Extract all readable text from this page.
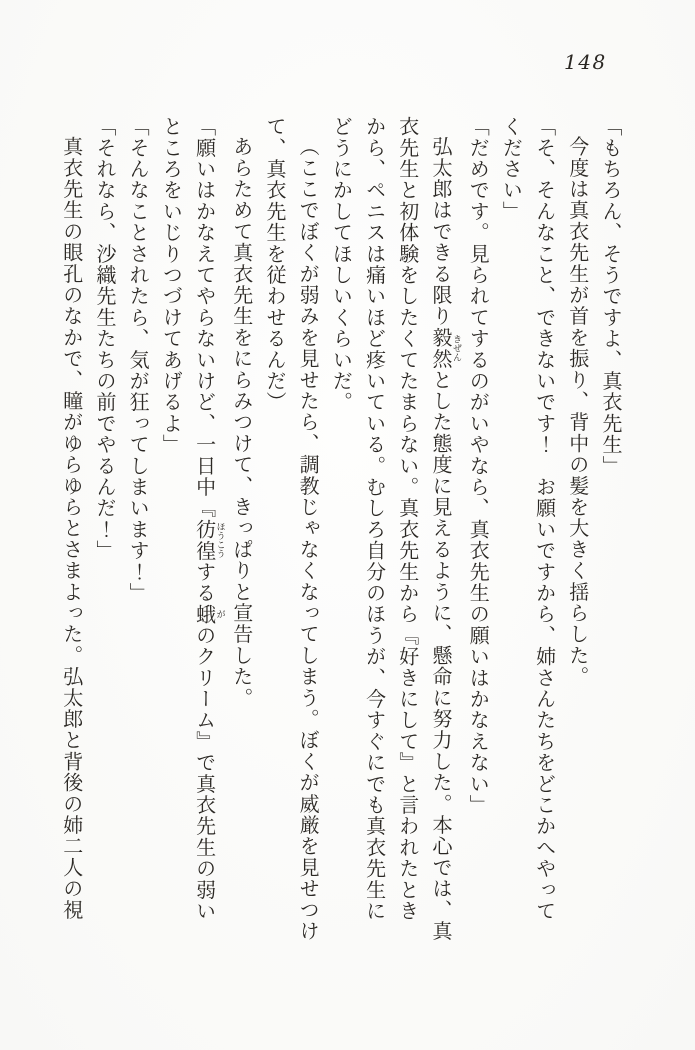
148

「もちろん、そうですよ、真衣先生」

今度は真衣先生が首を振り、背中の髪を大きく揺らした。

「そ、そんなこと、できないです！　お願いですから、姉さんたちをどこかへやってください」

「だめです。見られてするのがいやなら、真衣先生の願いはかなえない」

弘太郎はできる限り毅然きぜんとした態度に見えるように、懸命に努力した。本心では、真衣先生と初体験をしたくてたまらない。真衣先生から『好きにして』と言われたときから、ペニスは痛いほど疼いている。むしろ自分のほうが、今すぐにでも真衣先生にどうにかしてほしいくらいだ。

（ここでぼくが弱みを見せたら、調教じゃなくなってしまう。ぼくが威厳を見せつけて、真衣先生を従わせるんだ）

あらためて真衣先生をにらみつけて、きっぱりと宣告した。

「願いはかなえてやらないけど、一日中『彷徨ほうこうする蛾がのクリーム』で真衣先生の弱いところをいじりつづけてあげるよ」

「そんなことされたら、気が狂ってしまいます！」

「それなら、沙織先生たちの前でやるんだ！」

真衣先生の眼孔のなかで、瞳がゆらゆらとさまよった。弘太郎と背後の姉二人の視
